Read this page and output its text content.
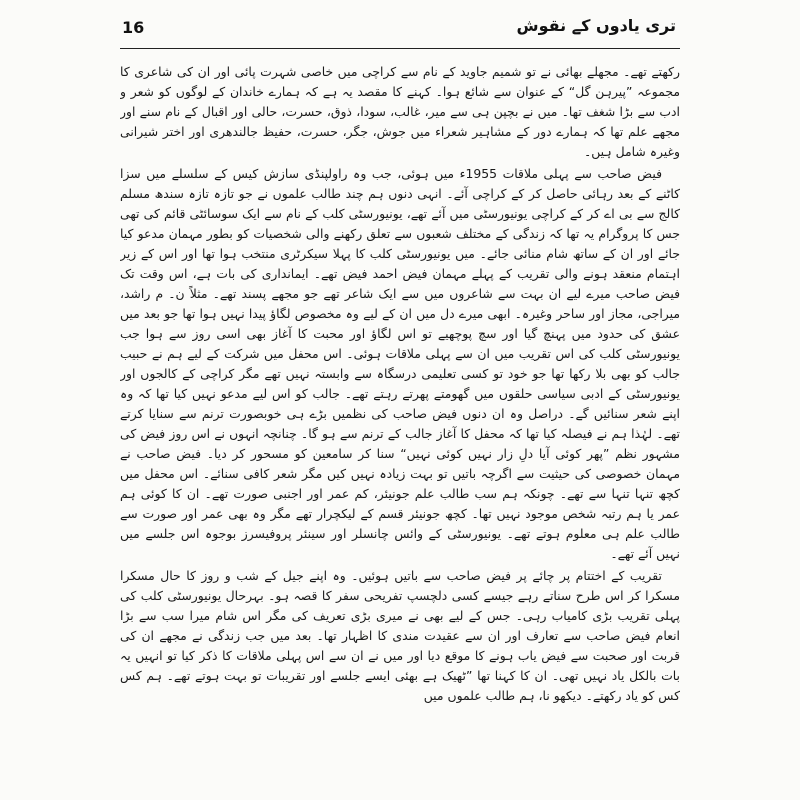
16	تری یادوں کے نقوش

رکھتے تھے۔ مجھلے بھائی نے تو شمیم جاوید کے نام سے کراچی میں خاصی شہرت پائی اور ان کی شاعری کا مجموعہ ”پیرہن گل“ کے عنوان سے شائع ہوا۔ کہنے کا مقصد یہ ہے کہ ہمارے خاندان کے لوگوں کو شعر و ادب سے بڑا شغف تھا۔ میں نے بچپن ہی سے میر، غالب، سودا، ذوق، حسرت، حالی اور اقبال کے نام سنے اور مجھے علم تھا کہ ہمارے دور کے مشاہیر شعراء میں جوش، جگر، حسرت، حفیظ جالندھری اور اختر شیرانی وغیرہ شامل ہیں۔

فیض صاحب سے پہلی ملاقات 1955ء میں ہوئی، جب وہ راولپنڈی سازش کیس کے سلسلے میں سزا کاٹنے کے بعد رہائی حاصل کر کے کراچی آئے۔ انہی دنوں ہم چند طالب علموں نے جو تازہ تازہ سندھ مسلم کالج سے بی اے کر کے کراچی یونیورسٹی میں آئے تھے، یونیورسٹی کلب کے نام سے ایک سوسائٹی قائم کی تھی جس کا پروگرام یہ تھا کہ زندگی کے مختلف شعبوں سے تعلق رکھنے والی شخصیات کو بطور مہمان مدعو کیا جائے اور ان کے ساتھ شام منائی جائے۔ میں یونیورسٹی کلب کا پہلا سیکرٹری منتخب ہوا تھا اور اس کے زیر اہتمام منعقد ہونے والی تقریب کے پہلے مہمان فیض احمد فیض تھے۔ ایمانداری کی بات ہے، اس وقت تک فیض صاحب میرے لیے ان بہت سے شاعروں میں سے ایک شاعر تھے جو مجھے پسند تھے۔ مثلاً ن۔ م راشد، میراجی، مجاز اور ساحر وغیرہ۔ ابھی میرے دل میں ان کے لیے وہ مخصوص لگاؤ پیدا نہیں ہوا تھا جو بعد میں عشق کی حدود میں پہنچ گیا اور سچ پوچھیے تو اس لگاؤ اور محبت کا آغاز بھی اسی روز سے ہوا جب یونیورسٹی کلب کی اس تقریب میں ان سے پہلی ملاقات ہوئی۔ اس محفل میں شرکت کے لیے ہم نے حبیب جالب کو بھی بلا رکھا تھا جو خود تو کسی تعلیمی درسگاہ سے وابستہ نہیں تھے مگر کراچی کے کالجوں اور یونیورسٹی کے ادبی سیاسی حلقوں میں گھومتے پھرتے رہتے تھے۔ جالب کو اس لیے مدعو نہیں کیا تھا کہ وہ اپنے شعر سنائیں گے۔ دراصل وہ ان دنوں فیض صاحب کی نظمیں بڑے ہی خوبصورت ترنم سے سنایا کرتے تھے۔ لہٰذا ہم نے فیصلہ کیا تھا کہ محفل کا آغاز جالب کے ترنم سے ہو گا۔ چنانچہ انہوں نے اس روز فیض کی مشہور نظم ”پھر کوئی آیا دلِ زار نہیں کوئی نہیں“ سنا کر سامعین کو مسحور کر دیا۔ فیض صاحب نے مہمان خصوصی کی حیثیت سے اگرچہ باتیں تو بہت زیادہ نہیں کیں مگر شعر کافی سنائے۔ اس محفل میں کچھ تنہا تنہا سے تھے۔ چونکہ ہم سب طالب علم جونیئر، کم عمر اور اجنبی صورت تھے۔ ان کا کوئی ہم عمر یا ہم رتبہ شخص موجود نہیں تھا۔ کچھ جونیئر قسم کے لیکچرار تھے مگر وہ بھی عمر اور صورت سے طالب علم ہی معلوم ہوتے تھے۔ یونیورسٹی کے وائس چانسلر اور سینئر پروفیسرز بوجوہ اس جلسے میں نہیں آئے تھے۔

تقریب کے اختتام پر چائے پر فیض صاحب سے باتیں ہوئیں۔ وہ اپنے جیل کے شب و روز کا حال مسکرا مسکرا کر اس طرح سناتے رہے جیسے کسی دلچسپ تفریحی سفر کا قصہ ہو۔ بہرحال یونیورسٹی کلب کی پہلی تقریب بڑی کامیاب رہی۔ جس کے لیے بھی نے میری بڑی تعریف کی مگر اس شام میرا سب سے بڑا انعام فیض صاحب سے تعارف اور ان سے عقیدت مندی کا اظہار تھا۔ بعد میں جب زندگی نے مجھے ان کی قربت اور صحبت سے فیض یاب ہونے کا موقع دیا اور میں نے ان سے اس پہلی ملاقات کا ذکر کیا تو انہیں یہ بات بالکل یاد نہیں تھی۔ ان کا کہنا تھا ”ٹھیک ہے بھئی ایسے جلسے اور تقریبات تو بہت ہوتے تھے۔ ہم کس کس کو یاد رکھتے۔ دیکھو نا، ہم طالب علموں میں
